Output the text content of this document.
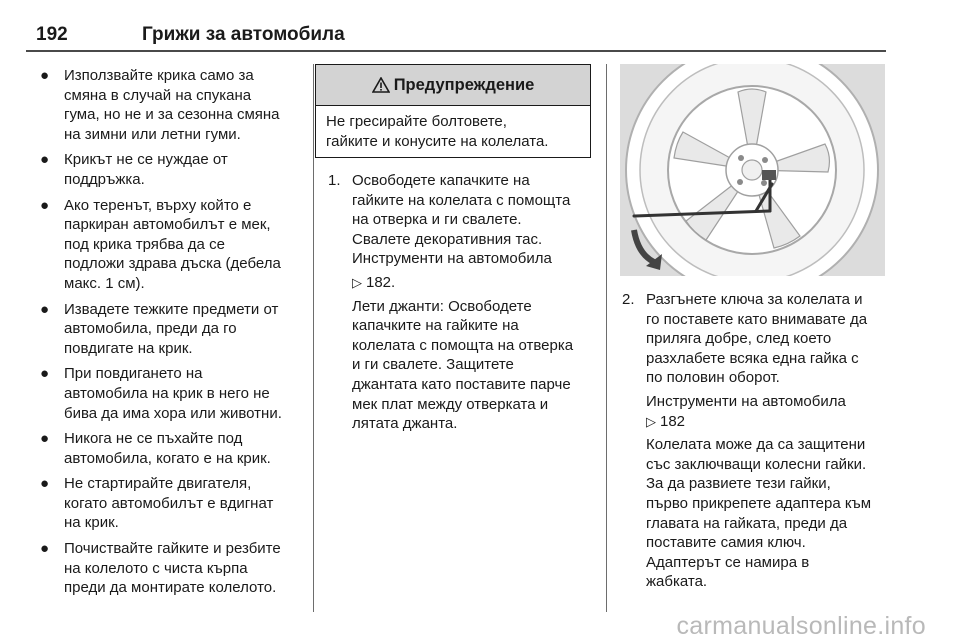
192	Грижи за автомобила
● Използвайте крика само за
смяна в случай на спукана
гума, но не и за сезонна смяна
на зимни или летни гуми.
● Крикът не се нуждае от
поддръжка.
● Ако теренът, върху който е
паркиран автомобилът е мек,
под крика трябва да се
подложи здрава дъска (дебела
макс. 1 см).
● Извадете тежките предмети от
автомобила, преди да го
повдигате на крик.
● При повдигането на
автомобила на крик в него не
бива да има хора или животни.
● Никога не се пъхайте под
автомобила, когато е на крик.
● Не стартирайте двигателя,
когато автомобилът е вдигнат
на крик.
● Почиствайте гайките и резбите
на колелото с чиста кърпа
преди да монтирате колелото.
Предупреждение
Не гресирайте болтовете,
гайките и конусите на колелата.
1. Освободете капачките на
гайките на колелата с помощта
на отверка и ги свалете.
Свалете декоративния тас.
Инструменти на автомобила

▷ 182.

Лети джанти: Освободете
капачките на гайките на
колелата с помощта на отверка
и ги свалете. Защитете
джантата като поставите парче
мек плат между отверката и
лятата джанта.

2. Разгънете ключа за колелата и
го поставете като внимавате да
приляга добре, след което
разхлабете всяка една гайка с
по половин оборот.

Инструменти на автомобила
▷ 182

Колелата може да са защитени
със заключващи колесни гайки.
За да развиете тези гайки,
първо прикрепете адаптера към
главата на гайката, преди да
поставите самия ключ.
Адаптерът се намира в
жабката.

carmanualsonline.info
